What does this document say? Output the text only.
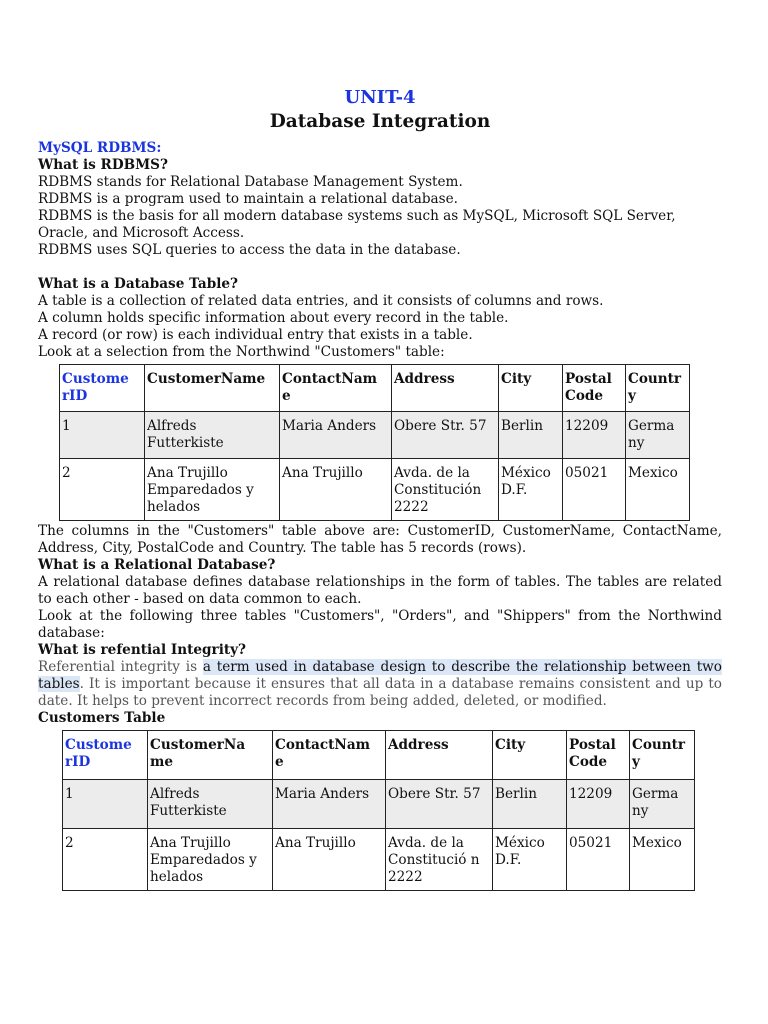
UNIT-4
Database Integration

MySQL RDBMS:

What is RDBMS?

RDBMS stands for Relational Database Management System.

RDBMS is a program used to maintain a relational database.

RDBMS is the basis for all modern database systems such as MySQL, Microsoft SQL Server, Oracle, and Microsoft Access.

RDBMS uses SQL queries to access the data in the database.

What is a Database Table?

A table is a collection of related data entries, and it consists of columns and rows.

A column holds specific information about every record in the table.

A record (or row) is each individual entry that exists in a table.

Look at a selection from the Northwind "Customers" table:

Custome rID	CustomerName	ContactNam e	Address	City	Postal Code	Countr y
1	Alfreds Futterkiste	Maria Anders	Obere Str. 57	Berlin	12209	Germa ny
2	Ana Trujillo Emparedados y helados	Ana Trujillo	Avda. de la Constitución 2222	México D.F.	05021	Mexico

The columns in the "Customers" table above are: CustomerID, CustomerName, ContactName, Address, City, PostalCode and Country. The table has 5 records (rows).

What is a Relational Database?

A relational database defines database relationships in the form of tables. The tables are related to each other - based on data common to each.

Look at the following three tables "Customers", "Orders", and "Shippers" from the Northwind database:

What is refential Integrity?

Referential integrity is a term used in database design to describe the relationship between two tables. It is important because it ensures that all data in a database remains consistent and up to date. It helps to prevent incorrect records from being added, deleted, or modified.

Customers Table

Custome rID	CustomerNa me	ContactNam e	Address	City	Postal Code	Countr y
1	Alfreds Futterkiste	Maria Anders	Obere Str. 57	Berlin	12209	Germa ny
2	Ana Trujillo Emparedados y helados	Ana Trujillo	Avda. de la Constitució n 2222	México D.F.	05021	Mexico
